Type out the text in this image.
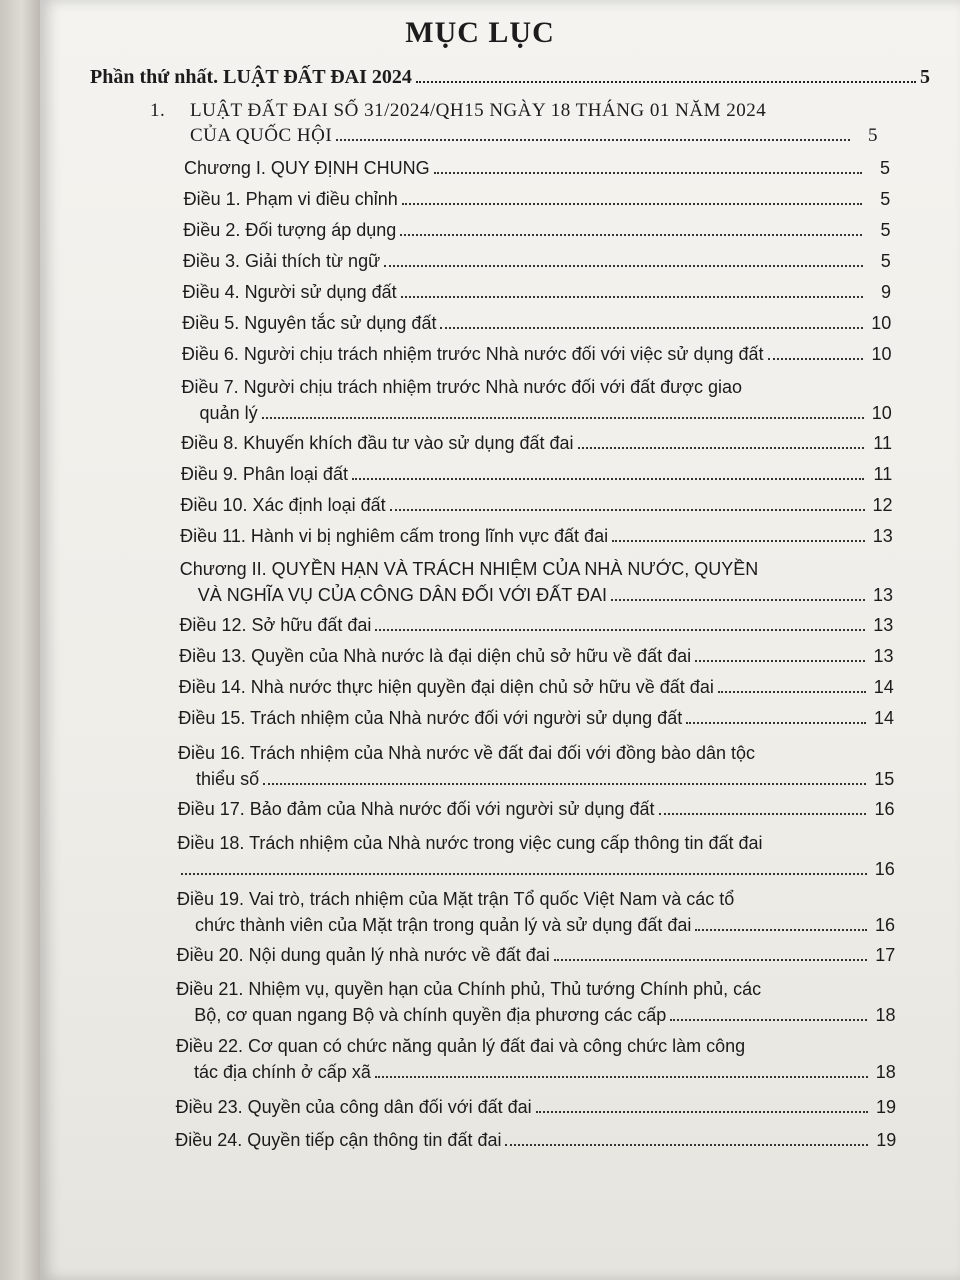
MỤC LỤC
Phần thứ nhất. LUẬT ĐẤT ĐAI 2024	5
1.	LUẬT ĐẤT ĐAI SỐ 31/2024/QH15 NGÀY 18 THÁNG 01 NĂM 2024
CỦA QUỐC HỘI	5
Chương I. QUY ĐỊNH CHUNG	5
Điều 1. Phạm vi điều chỉnh	5
Điều 2. Đối tượng áp dụng	5
Điều 3. Giải thích từ ngữ	5
Điều 4. Người sử dụng đất	9
Điều 5. Nguyên tắc sử dụng đất	10
Điều 6. Người chịu trách nhiệm trước Nhà nước đối với việc sử dụng đất	10
Điều 7. Người chịu trách nhiệm trước Nhà nước đối với đất được giao
quản lý	10
Điều 8. Khuyến khích đầu tư vào sử dụng đất đai	11
Điều 9. Phân loại đất	11
Điều 10. Xác định loại đất	12
Điều 11. Hành vi bị nghiêm cấm trong lĩnh vực đất đai	13
Chương II. QUYỀN HẠN VÀ TRÁCH NHIỆM CỦA NHÀ NƯỚC, QUYỀN
VÀ NGHĨA VỤ CỦA CÔNG DÂN ĐỐI VỚI ĐẤT ĐAI	13
Điều 12. Sở hữu đất đai	13
Điều 13. Quyền của Nhà nước là đại diện chủ sở hữu về đất đai	13
Điều 14. Nhà nước thực hiện quyền đại diện chủ sở hữu về đất đai	14
Điều 15. Trách nhiệm của Nhà nước đối với người sử dụng đất	14
Điều 16. Trách nhiệm của Nhà nước về đất đai đối với đồng bào dân tộc
thiểu số	15
Điều 17. Bảo đảm của Nhà nước đối với người sử dụng đất	16
Điều 18. Trách nhiệm của Nhà nước trong việc cung cấp thông tin đất đai
16
Điều 19. Vai trò, trách nhiệm của Mặt trận Tổ quốc Việt Nam và các tổ
chức thành viên của Mặt trận trong quản lý và sử dụng đất đai	16
Điều 20. Nội dung quản lý nhà nước về đất đai	17
Điều 21. Nhiệm vụ, quyền hạn của Chính phủ, Thủ tướng Chính phủ, các
Bộ, cơ quan ngang Bộ và chính quyền địa phương các cấp	18
Điều 22. Cơ quan có chức năng quản lý đất đai và công chức làm công
tác địa chính ở cấp xã	18
Điều 23. Quyền của công dân đối với đất đai	19
Điều 24. Quyền tiếp cận thông tin đất đai	19
